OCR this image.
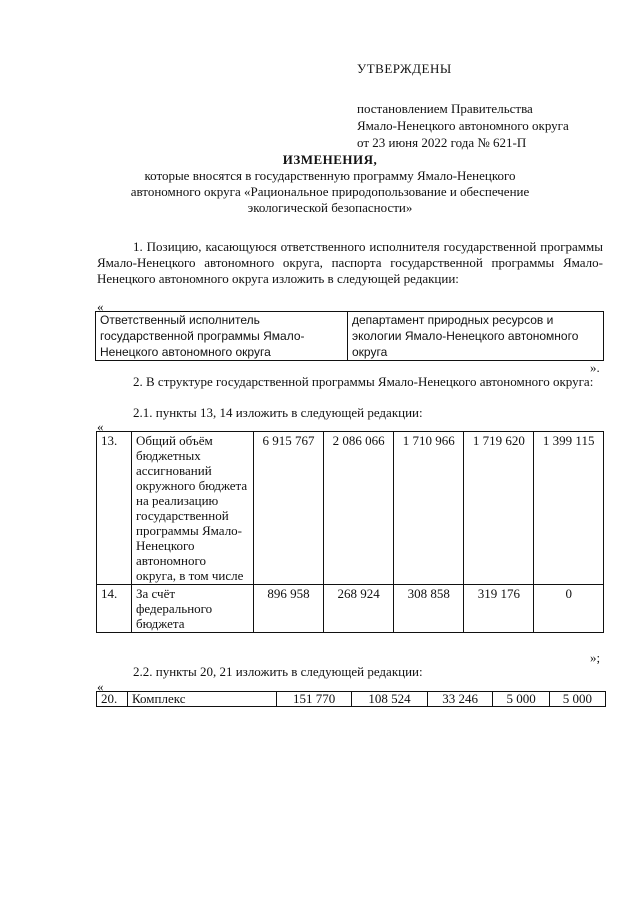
УТВЕРЖДЕНЫ
постановлением Правительства
Ямало-Ненецкого автономного округа
от 23 июня 2022 года № 621-П
ИЗМЕНЕНИЯ,
которые вносятся в государственную программу Ямало-Ненецкого
автономного округа «Рациональное природопользование и обеспечение
экологической безопасности»
1. Позицию, касающуюся ответственного исполнителя государственной программы Ямало-Ненецкого автономного округа, паспорта государственной программы Ямало-Ненецкого автономного округа изложить в следующей редакции:
«
Ответственный исполнитель государственной программы Ямало-Ненецкого автономного округа	департамент природных ресурсов и экологии Ямало-Ненецкого автономного округа
».
2. В структуре государственной программы Ямало-Ненецкого автономного округа:
2.1. пункты 13, 14 изложить в следующей редакции:
«
13.	Общий объём бюджетных ассигнований окружного бюджета на реализацию государственной программы Ямало-Ненецкого автономного округа, в том числе	6 915 767	2 086 066	1 710 966	1 719 620	1 399 115
14.	За счёт федерального бюджета	896 958	268 924	308 858	319 176	0
»;
2.2. пункты 20, 21 изложить в следующей редакции:
«
20.	Комплекс	151 770	108 524	33 246	5 000	5 000
